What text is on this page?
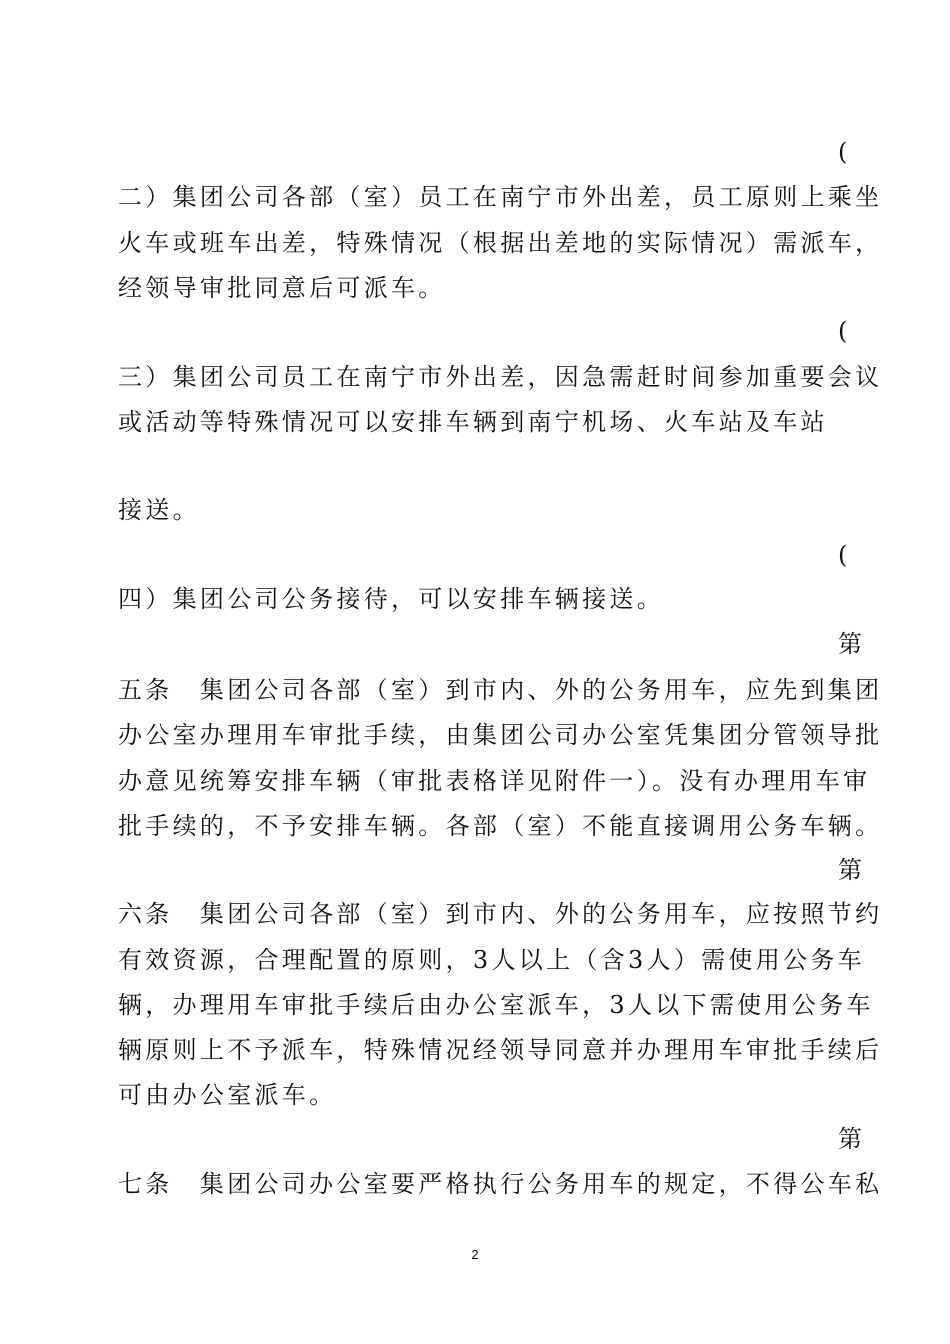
(
二）集团公司各部（室）员工在南宁市外出差，员工原则上乘坐
火车或班车出差，特殊情况（根据出差地的实际情况）需派车，
经领导审批同意后可派车。
(
三）集团公司员工在南宁市外出差，因急需赶时间参加重要会议
或活动等特殊情况可以安排车辆到南宁机场、火车站及车站
接送。
(
四）集团公司公务接待，可以安排车辆接送。
第
五条　集团公司各部（室）到市内、外的公务用车，应先到集团
办公室办理用车审批手续，由集团公司办公室凭集团分管领导批
办意见统筹安排车辆（审批表格详见附件一）。没有办理用车审
批手续的，不予安排车辆。各部（室）不能直接调用公务车辆。
第
六条　集团公司各部（室）到市内、外的公务用车，应按照节约
有效资源，合理配置的原则，3人以上（含3人）需使用公务车
辆，办理用车审批手续后由办公室派车，3人以下需使用公务车
辆原则上不予派车，特殊情况经领导同意并办理用车审批手续后
可由办公室派车。
第
七条　集团公司办公室要严格执行公务用车的规定，不得公车私
2
